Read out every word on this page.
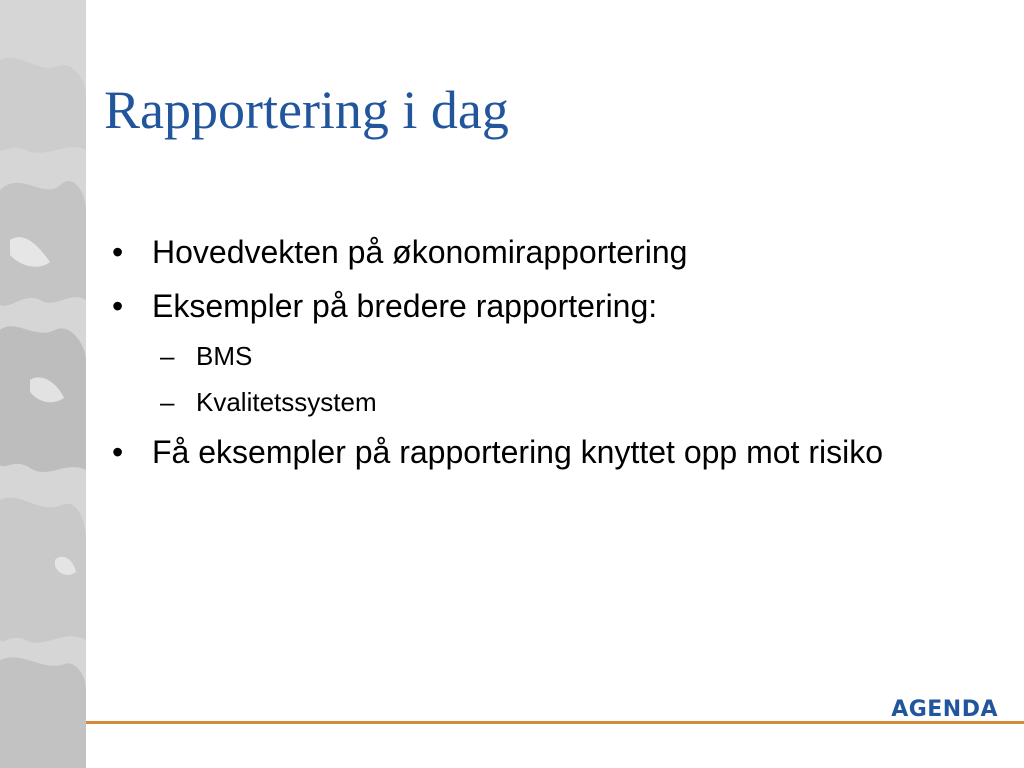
Rapportering i dag
• Hovedvekten på økonomirapportering
• Eksempler på bredere rapportering:
– BMS
– Kvalitetssystem
• Få eksempler på rapportering knyttet opp mot risiko
AGENDA
